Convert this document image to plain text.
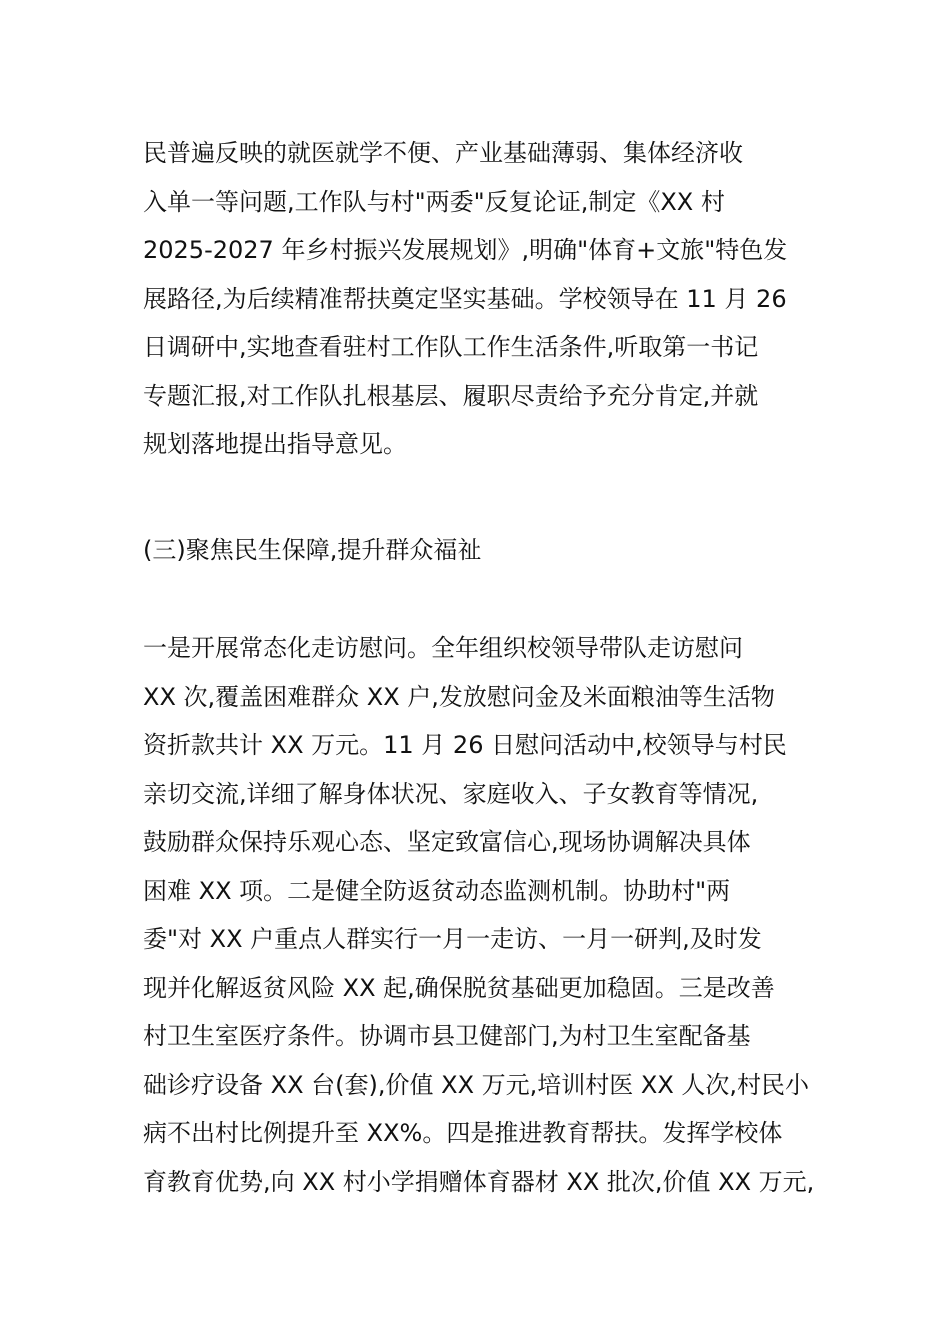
民普遍反映的就医就学不便、产业基础薄弱、集体经济收
入单一等问题,工作队与村"两委"反复论证,制定《XX 村
2025-2027 年乡村振兴发展规划》,明确"体育+文旅"特色发
展路径,为后续精准帮扶奠定坚实基础。学校领导在 11 月 26
日调研中,实地查看驻村工作队工作生活条件,听取第一书记
专题汇报,对工作队扎根基层、履职尽责给予充分肯定,并就
规划落地提出指导意见。
(三)聚焦民生保障,提升群众福祉
一是开展常态化走访慰问。全年组织校领导带队走访慰问
XX 次,覆盖困难群众 XX 户,发放慰问金及米面粮油等生活物
资折款共计 XX 万元。11 月 26 日慰问活动中,校领导与村民
亲切交流,详细了解身体状况、家庭收入、子女教育等情况,
鼓励群众保持乐观心态、坚定致富信心,现场协调解决具体
困难 XX 项。二是健全防返贫动态监测机制。协助村"两
委"对 XX 户重点人群实行一月一走访、一月一研判,及时发
现并化解返贫风险 XX 起,确保脱贫基础更加稳固。三是改善
村卫生室医疗条件。协调市县卫健部门,为村卫生室配备基
础诊疗设备 XX 台(套),价值 XX 万元,培训村医 XX 人次,村民小
病不出村比例提升至 XX%。四是推进教育帮扶。发挥学校体
育教育优势,向 XX 村小学捐赠体育器材 XX 批次,价值 XX 万元,
